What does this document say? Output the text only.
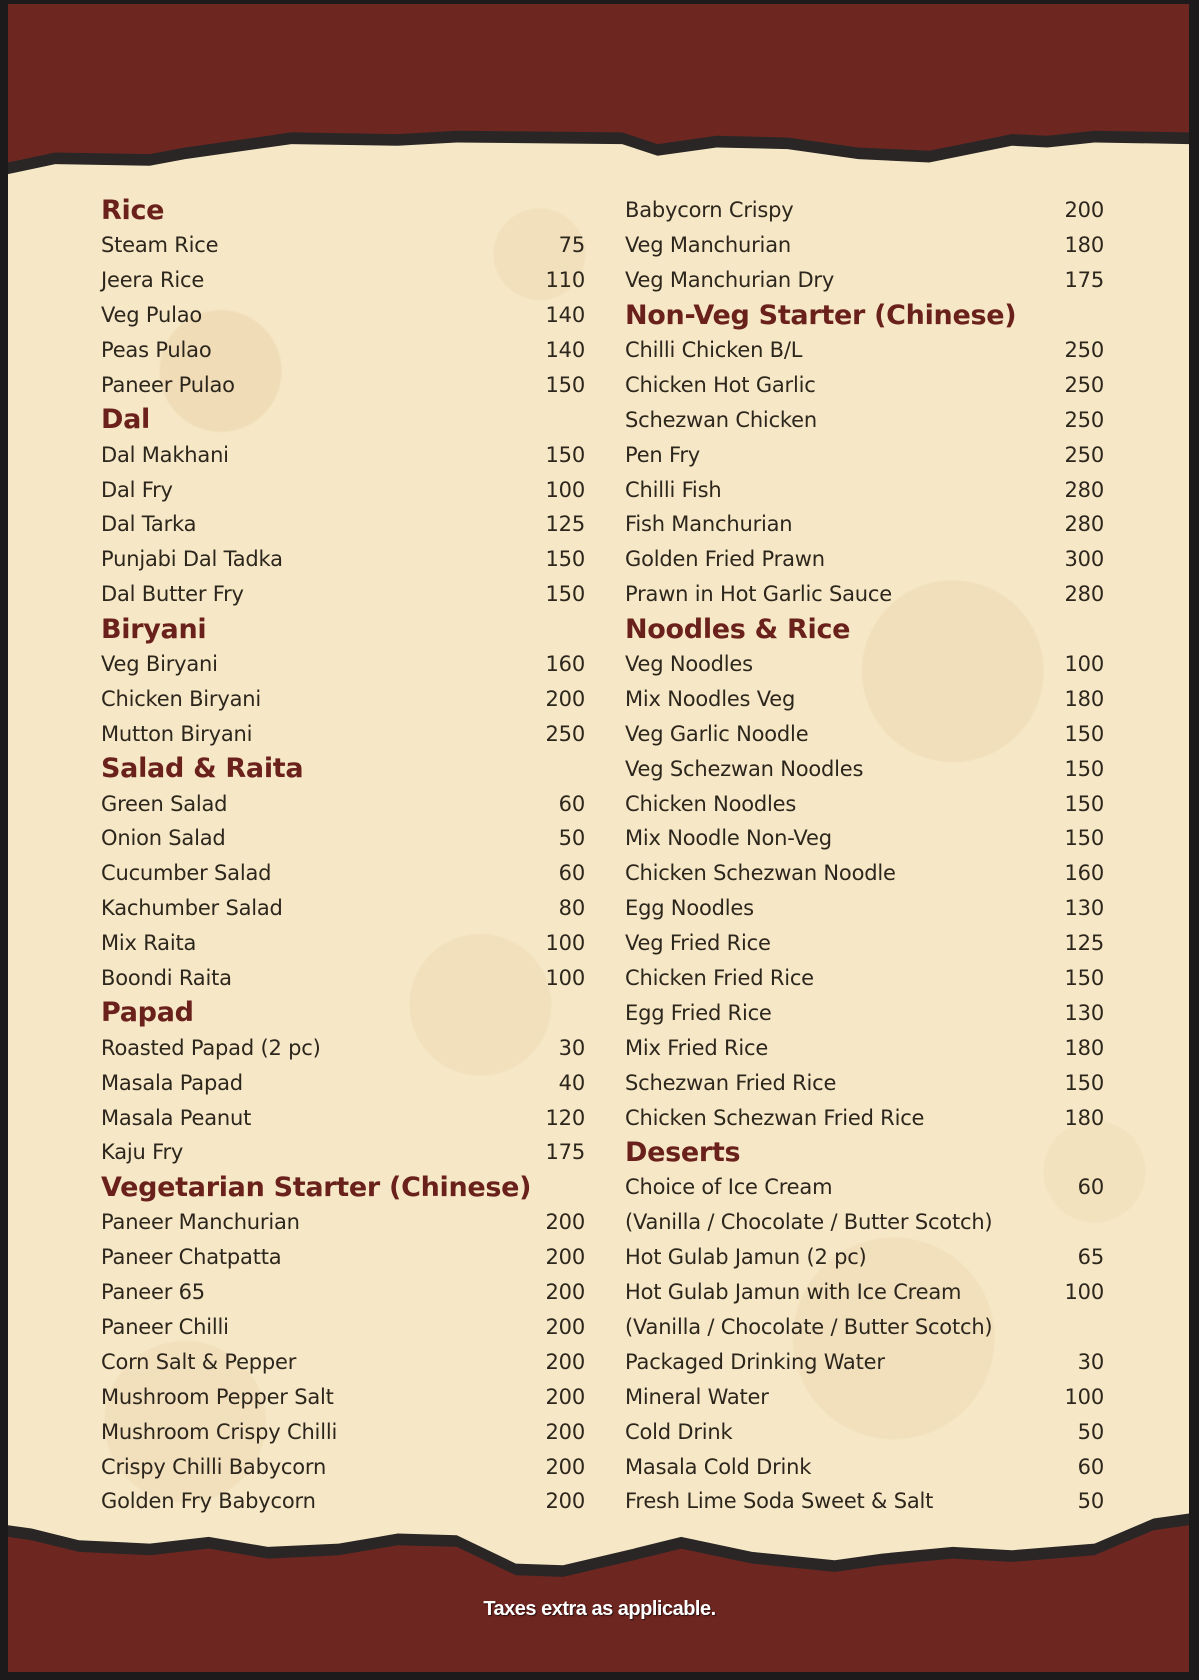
Rice
Steam Rice	75
Jeera Rice	110
Veg Pulao	140
Peas Pulao	140
Paneer Pulao	150
Dal
Dal Makhani	150
Dal Fry	100
Dal Tarka	125
Punjabi Dal Tadka	150
Dal Butter Fry	150
Biryani
Veg Biryani	160
Chicken Biryani	200
Mutton Biryani	250
Salad & Raita
Green Salad	60
Onion Salad	50
Cucumber Salad	60
Kachumber Salad	80
Mix Raita	100
Boondi Raita	100
Papad
Roasted Papad (2 pc)	30
Masala Papad	40
Masala Peanut	120
Kaju Fry	175
Vegetarian Starter (Chinese)
Paneer Manchurian	200
Paneer Chatpatta	200
Paneer 65	200
Paneer Chilli	200
Corn Salt & Pepper	200
Mushroom Pepper Salt	200
Mushroom Crispy Chilli	200
Crispy Chilli Babycorn	200
Golden Fry Babycorn	200
Babycorn Crispy	200
Veg Manchurian	180
Veg Manchurian Dry	175
Non-Veg Starter (Chinese)
Chilli Chicken B/L	250
Chicken Hot Garlic	250
Schezwan Chicken	250
Pen Fry	250
Chilli Fish	280
Fish Manchurian	280
Golden Fried Prawn	300
Prawn in Hot Garlic Sauce	280
Noodles & Rice
Veg Noodles	100
Mix Noodles Veg	180
Veg Garlic Noodle	150
Veg Schezwan Noodles	150
Chicken Noodles	150
Mix Noodle Non-Veg	150
Chicken Schezwan Noodle	160
Egg Noodles	130
Veg Fried Rice	125
Chicken Fried Rice	150
Egg Fried Rice	130
Mix Fried Rice	180
Schezwan Fried Rice	150
Chicken Schezwan Fried Rice	180
Deserts
Choice of Ice Cream	60
(Vanilla / Chocolate / Butter Scotch)
Hot Gulab Jamun (2 pc)	65
Hot Gulab Jamun with Ice Cream	100
(Vanilla / Chocolate / Butter Scotch)
Packaged Drinking Water	30
Mineral Water	100
Cold Drink	50
Masala Cold Drink	60
Fresh Lime Soda Sweet & Salt	50
Taxes extra as applicable.
